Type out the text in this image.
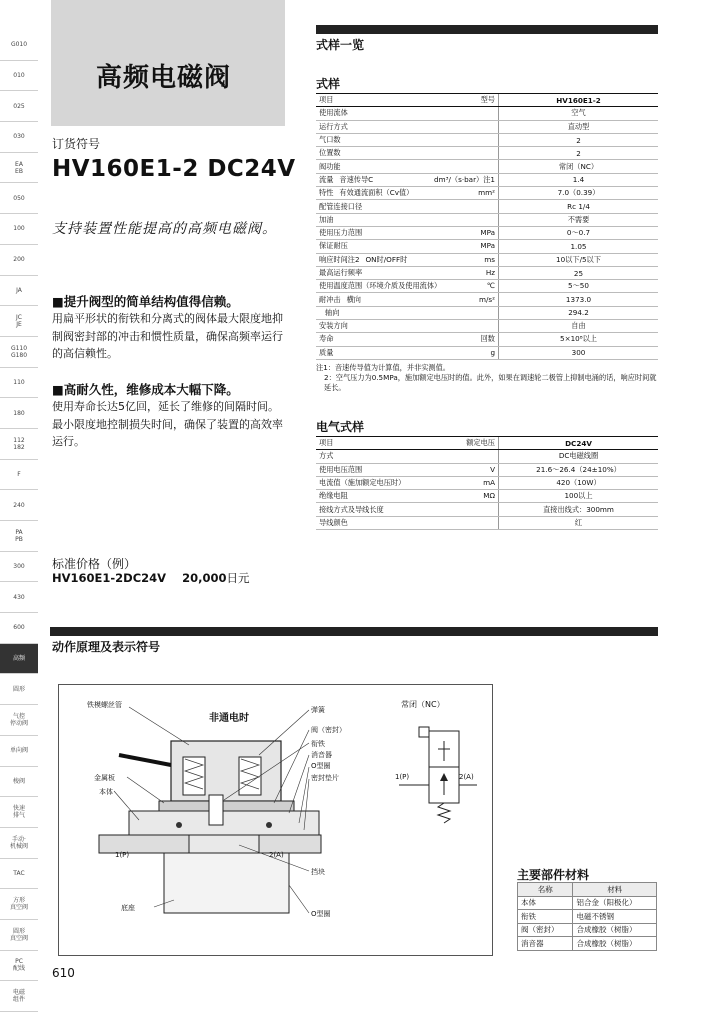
G010
010
025
030
EA
EB
050
100
200
JA
JC
JE
G110
G180
110
180
112
182
F
240
PA
PB
300
430
600
高频
圆形
气控
停动阀
单向阀
梭阀
快速
排气
手动·
机械阀
TAC
方形
真空阀
圆形
真空阀
PC
配线
电磁
组件
高频电磁阀
订货符号
HV160E1-2 DC24V
支持装置性能提高的高频电磁阀。
■提升阀型的简单结构值得信赖。
用扁平形状的衔铁和分离式的阀体最大限度地抑制阀密封部的冲击和惯性质量，确保高频率运行的高信赖性。
■高耐久性，维修成本大幅下降。
使用寿命长达5亿回，延长了维修的间隔时间。最小限度地控制损失时间，确保了装置的高效率运行。
标准价格（例）
HV160E1-2DC24V 20,000日元
式样一览
式样
项目 型号	HV160E1-2
使用流体	空气
运行方式	直动型
气口数	2
位置数	2
阀功能	常闭（NC）
流量 音速传导C dm³/（s·bar）注1	1.4
特性 有效通流面积（Cv值） mm²	7.0（0.39）
配管连接口径	Rc 1/4
加油	不需要
使用压力范围 MPa	0～0.7
保证耐压 MPa	1.05
响应时间注2 ON时/OFF时 ms	10以下/5以下
最高运行频率 Hz	25
使用温度范围（环境介质及使用流体） ℃	5～50
耐冲击 横向 m/s²	1373.0
轴向	294.2
安装方向	自由
寿命 回数	5×10⁸以上
质量 g	300
注1：音速传导值为计算值，并非实测值。
2：空气压力为0.5MPa，施加额定电压时的值。此外，如果在调速轮二极管上抑制电涌的话，响应时间就延长。
电气式样
项目 额定电压	DC24V
方式	DC电磁线圈
使用电压范围 V	21.6～26.4（24±10%）
电流值（施加额定电压时） mA	420（10W）
绝缘电阻 MΩ	100以上
接线方式及导线长度	直接出线式：300mm
导线颜色	红
动作原理及表示符号
非通电时
铁模螺丝管
弹簧
阀（密封）
衔铁
消音器
O型圈
密封垫片
金属板
本体
1(P)	2(A)
挡块
底座
O型圈
常闭（NC）
1(P)	2(A)
主要部件材料
名称	材料
本体	铝合金（阳极化）
衔铁	电磁不锈钢
阀（密封）	合成橡胶（树脂）
消音器	合成橡胶（树脂）
610
